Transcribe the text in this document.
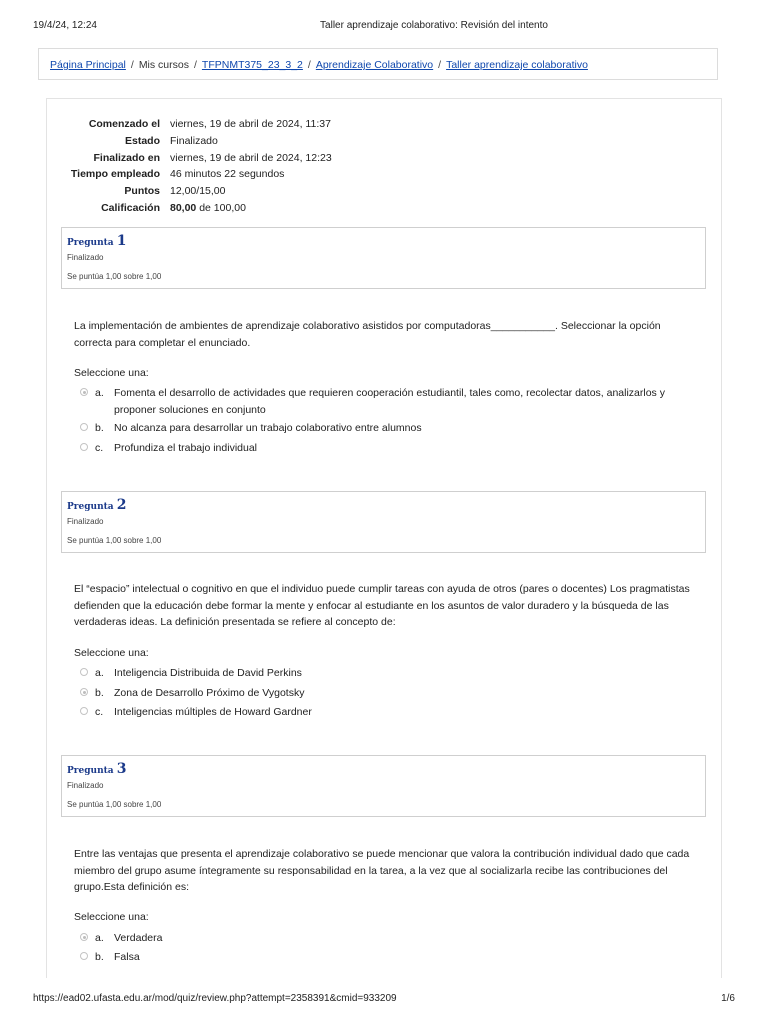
19/4/24, 12:24	Taller aprendizaje colaborativo: Revisión del intento
Página Principal / Mis cursos / TFPNMT375_23_3_2 / Aprendizaje Colaborativo / Taller aprendizaje colaborativo
Comenzado el viernes, 19 de abril de 2024, 11:37
Estado Finalizado
Finalizado en viernes, 19 de abril de 2024, 12:23
Tiempo empleado 46 minutos 22 segundos
Puntos 12,00/15,00
Calificación 80,00 de 100,00
Pregunta 1
Finalizado
Se puntúa 1,00 sobre 1,00
La implementación de ambientes de aprendizaje colaborativo asistidos por computadoras___________. Seleccionar la opción correcta para completar el enunciado.
Seleccione una:
a. Fomenta el desarrollo de actividades que requieren cooperación estudiantil, tales como, recolectar datos, analizarlos y proponer soluciones en conjunto
b. No alcanza para desarrollar un trabajo colaborativo entre alumnos
c. Profundiza el trabajo individual
Pregunta 2
Finalizado
Se puntúa 1,00 sobre 1,00
El “espacio” intelectual o cognitivo en que el individuo puede cumplir tareas con ayuda de otros (pares o docentes) Los pragmatistas defienden que la educación debe formar la mente y enfocar al estudiante en los asuntos de valor duradero y la búsqueda de las verdaderas ideas. La definición presentada se refiere al concepto de:
Seleccione una:
a. Inteligencia Distribuida de David Perkins
b. Zona de Desarrollo Próximo de Vygotsky
c. Inteligencias múltiples de Howard Gardner
Pregunta 3
Finalizado
Se puntúa 1,00 sobre 1,00
Entre las ventajas que presenta el aprendizaje colaborativo se puede mencionar que valora la contribución individual dado que cada miembro del grupo asume íntegramente su responsabilidad en la tarea, a la vez que al socializarla recibe las contribuciones del grupo.Esta definición es:
Seleccione una:
a. Verdadera
b. Falsa
https://ead02.ufasta.edu.ar/mod/quiz/review.php?attempt=2358391&cmid=933209	1/6
